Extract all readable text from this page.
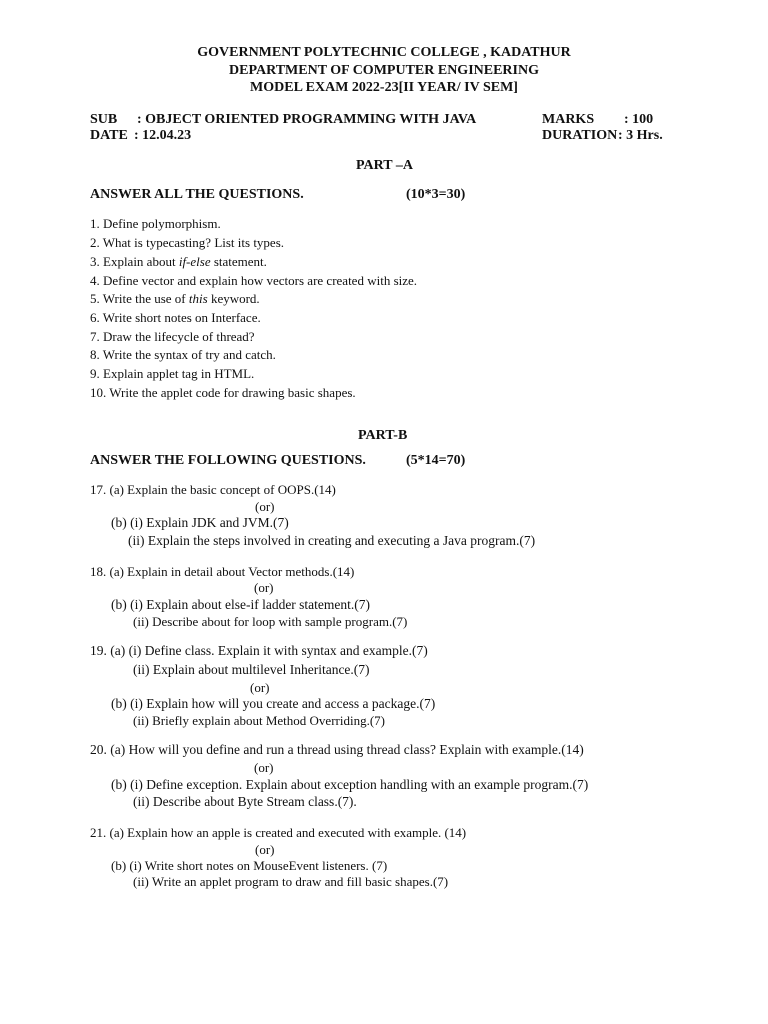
GOVERNMENT POLYTECHNIC COLLEGE , KADATHUR
DEPARTMENT OF COMPUTER ENGINEERING
MODEL EXAM 2022-23[II YEAR/ IV SEM]
SUB : OBJECT ORIENTED PROGRAMMING WITH JAVA	MARKS : 100
DATE : 12.04.23	DURATION : 3 Hrs.
PART –A
ANSWER ALL THE QUESTIONS.	(10*3=30)
1. Define polymorphism.
2. What is typecasting? List its types.
3. Explain about if-else statement.
4. Define vector and explain how vectors are created with size.
5. Write the use of this keyword.
6. Write short notes on Interface.
7. Draw the lifecycle of thread?
8. Write the syntax of try and catch.
9. Explain applet tag in HTML.
10. Write the applet code for drawing basic shapes.
PART-B
ANSWER THE FOLLOWING QUESTIONS.	(5*14=70)
17. (a) Explain the basic concept of OOPS.(14)
(or)
(b) (i) Explain JDK and JVM.(7)
(ii) Explain the steps involved in creating and executing a Java program.(7)
18. (a) Explain in detail about Vector methods.(14)
(or)
(b) (i) Explain about else-if ladder statement.(7)
(ii) Describe about for loop with sample program.(7)
19. (a) (i) Define class. Explain it with syntax and example.(7)
(ii) Explain about multilevel Inheritance.(7)
(or)
(b) (i) Explain how will you create and access a package.(7)
(ii) Briefly explain about Method Overriding.(7)
20. (a) How will you define and run a thread using thread class? Explain with example.(14)
(or)
(b) (i) Define exception. Explain about exception handling with an example program.(7)
(ii) Describe about Byte Stream class.(7).
21. (a) Explain how an apple is created and executed with example. (14)
(or)
(b) (i) Write short notes on MouseEvent listeners. (7)
(ii) Write an applet program to draw and fill basic shapes.(7)
